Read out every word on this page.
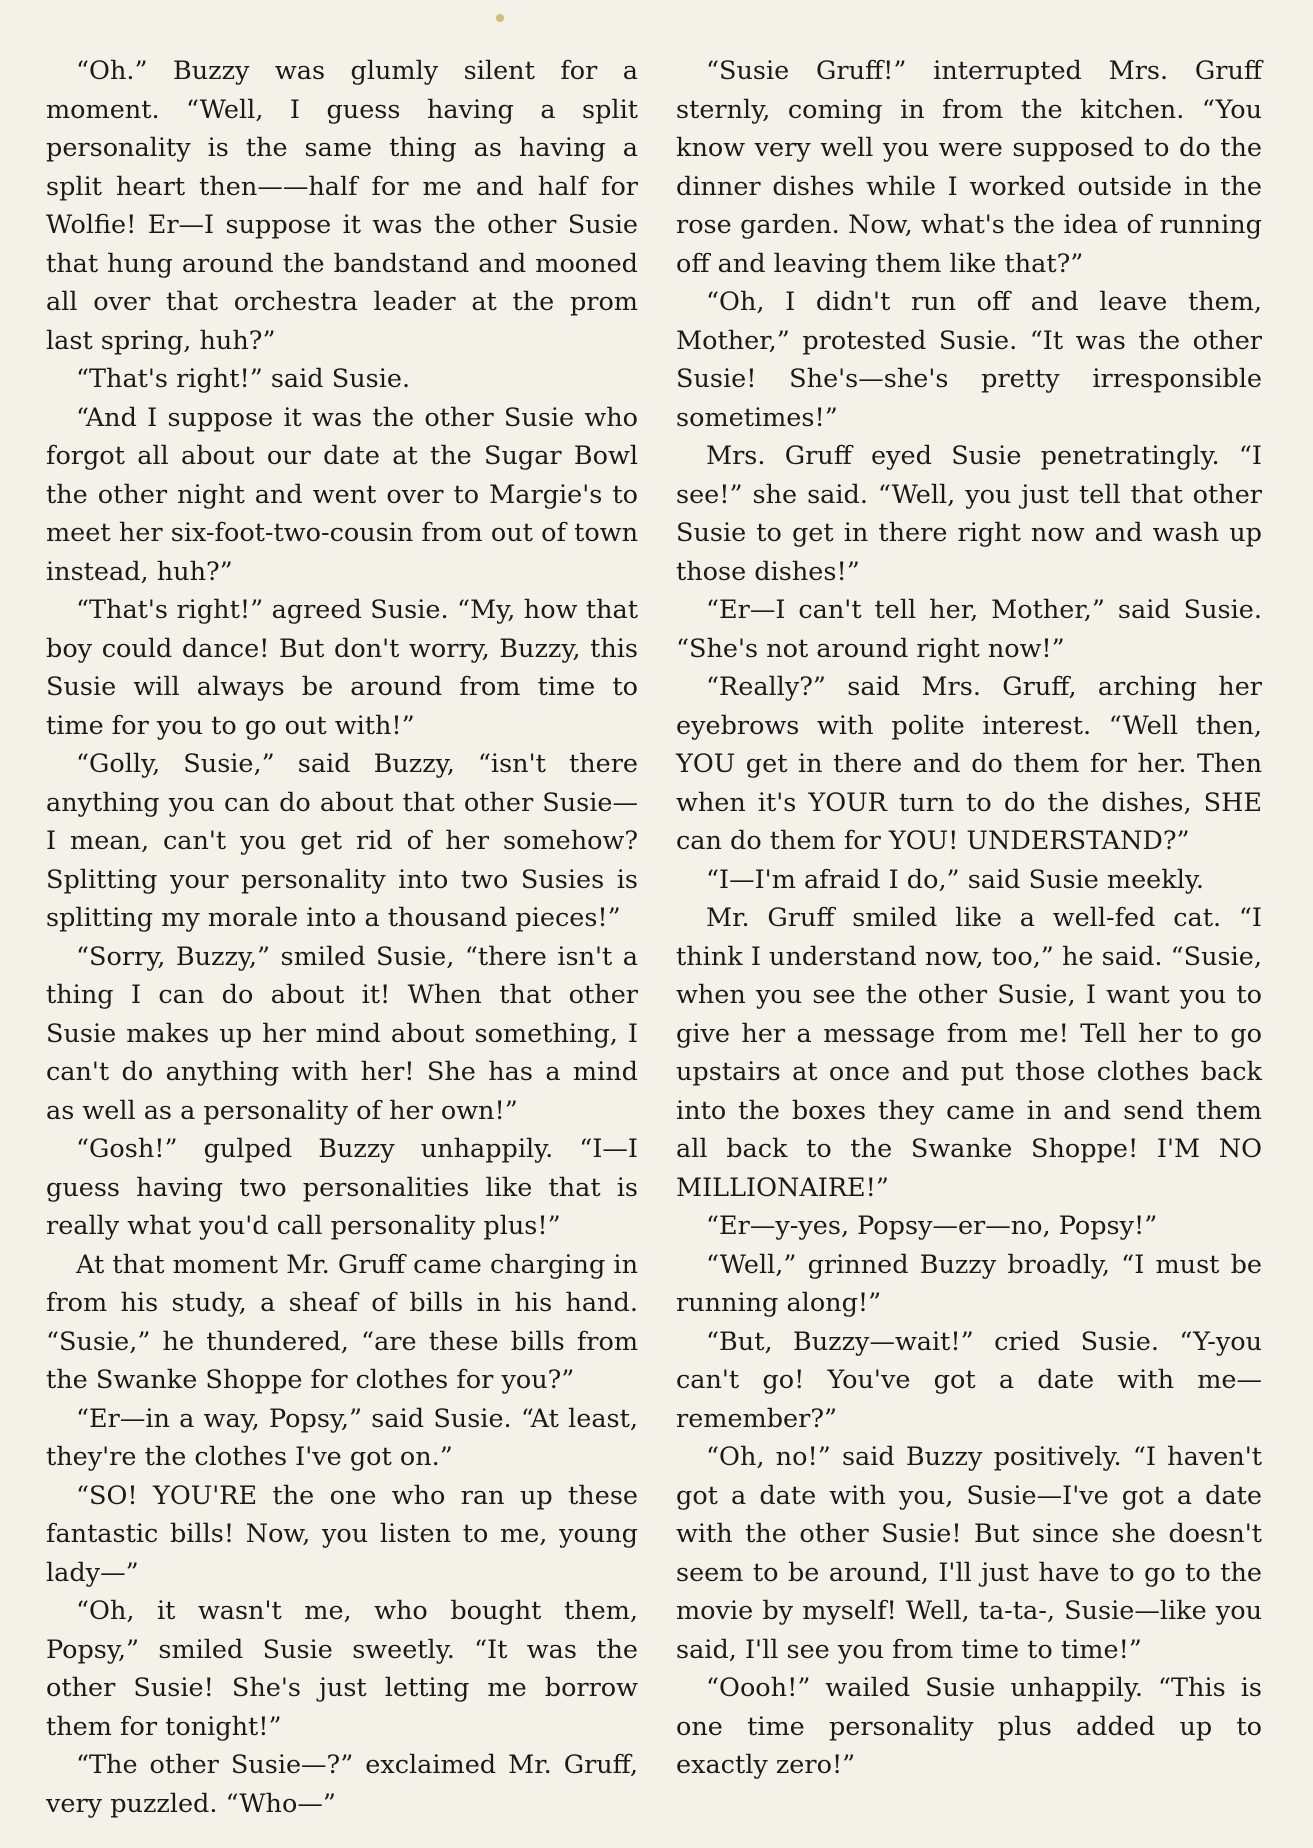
“Oh.” Buzzy was glumly silent for a moment. “Well, I guess having a split personality is the same thing as having a split heart then——half for me and half for Wolfie! Er—I suppose it was the other Susie that hung around the bandstand and mooned all over that orchestra leader at the prom last spring, huh?”

“That's right!” said Susie.

“And I suppose it was the other Susie who forgot all about our date at the Sugar Bowl the other night and went over to Margie's to meet her six-foot-two-cousin from out of town instead, huh?”

“That's right!” agreed Susie. “My, how that boy could dance! But don't worry, Buzzy, this Susie will always be around from time to time for you to go out with!”

“Golly, Susie,” said Buzzy, “isn't there anything you can do about that other Susie— I mean, can't you get rid of her somehow? Splitting your personality into two Susies is splitting my morale into a thousand pieces!”

“Sorry, Buzzy,” smiled Susie, “there isn't a thing I can do about it! When that other Susie makes up her mind about something, I can't do anything with her! She has a mind as well as a personality of her own!”

“Gosh!” gulped Buzzy unhappily. “I—I guess having two personalities like that is really what you'd call personality plus!”

At that moment Mr. Gruff came charging in from his study, a sheaf of bills in his hand. “Susie,” he thundered, “are these bills from the Swanke Shoppe for clothes for you?”

“Er—in a way, Popsy,” said Susie. “At least, they're the clothes I've got on.”

“SO! YOU'RE the one who ran up these fantastic bills! Now, you listen to me, young lady—”

“Oh, it wasn't me, who bought them, Popsy,” smiled Susie sweetly. “It was the other Susie! She's just letting me borrow them for tonight!”

“The other Susie—?” exclaimed Mr. Gruff, very puzzled. “Who—”

“Susie Gruff!” interrupted Mrs. Gruff sternly, coming in from the kitchen. “You know very well you were supposed to do the dinner dishes while I worked outside in the rose garden. Now, what's the idea of running off and leaving them like that?”

“Oh, I didn't run off and leave them, Mother,” protested Susie. “It was the other Susie! She's—she's pretty irresponsible sometimes!”

Mrs. Gruff eyed Susie penetratingly. “I see!” she said. “Well, you just tell that other Susie to get in there right now and wash up those dishes!”

“Er—I can't tell her, Mother,” said Susie. “She's not around right now!”

“Really?” said Mrs. Gruff, arching her eyebrows with polite interest. “Well then, YOU get in there and do them for her. Then when it's YOUR turn to do the dishes, SHE can do them for YOU! UNDERSTAND?”

“I—I'm afraid I do,” said Susie meekly.

Mr. Gruff smiled like a well-fed cat. “I think I understand now, too,” he said. “Susie, when you see the other Susie, I want you to give her a message from me! Tell her to go upstairs at once and put those clothes back into the boxes they came in and send them all back to the Swanke Shoppe! I'M NO MILLIONAIRE!”

“Er—y-yes, Popsy—er—no, Popsy!”

“Well,” grinned Buzzy broadly, “I must be running along!”

“But, Buzzy—wait!” cried Susie. “Y-you can't go! You've got a date with me—remember?”

“Oh, no!” said Buzzy positively. “I haven't got a date with you, Susie—I've got a date with the other Susie! But since she doesn't seem to be around, I'll just have to go to the movie by myself! Well, ta-ta-, Susie—like you said, I'll see you from time to time!”

“Oooh!” wailed Susie unhappily. “This is one time personality plus added up to exactly zero!”
